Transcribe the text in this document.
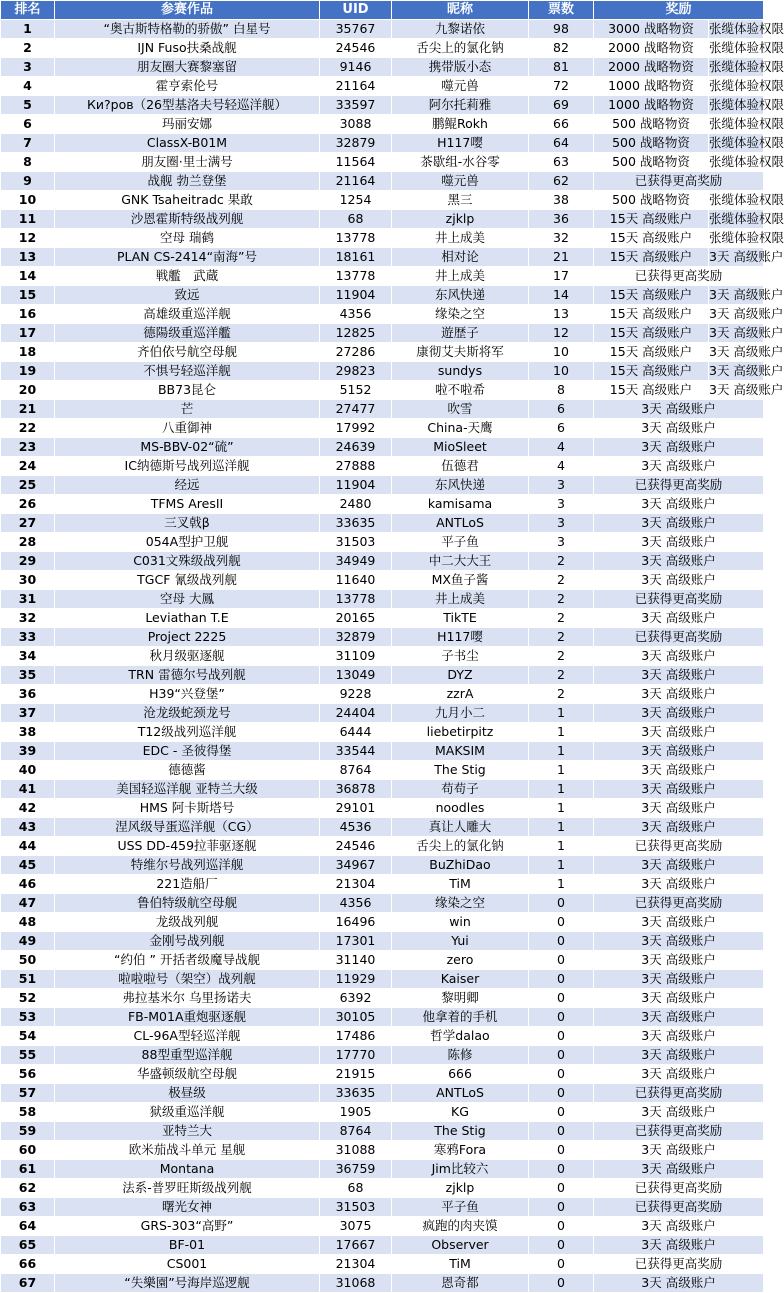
排名	参赛作品	UID	昵称	票数	奖励	
1	“奥古斯特格勒的骄傲” 白星号	35767	九黎诺依	98	3000 战略物资	张缆体验权限
2	IJN Fuso扶桑战舰	24546	舌尖上的氯化钠	82	2000 战略物资	张缆体验权限
3	朋友圈大赛黎塞留	9146	携带版小态	81	2000 战略物资	张缆体验权限
4	霍亨索伦号	21164	噬元兽	72	1000 战略物资	张缆体验权限
5	Ки?ров（26型基洛夫号轻巡洋舰）	33597	阿尔托莉雅	69	1000 战略物资	张缆体验权限
6	玛丽安娜	3088	鹏鲲Rokh	66	500 战略物资	张缆体验权限
7	ClassX-B01M	32879	H117嘤	64	500 战略物资	张缆体验权限
8	朋友圈·里士满号	11564	茶歇组-水谷零	63	500 战略物资	张缆体验权限
9	战舰 勃兰登堡	21164	噬元兽	62	已获得更高奖励	
10	GNK Tsaheitradc 果敢	1254	黑三	38	500 战略物资	张缆体验权限
11	沙恩霍斯特级战列舰	68	zjklp	36	15天 高级账户	张缆体验权限
12	空母 瑞鹤	13778	井上成美	32	15天 高级账户	张缆体验权限
13	PLAN CS-2414“南海”号	18161	相对论	21	15天 高级账户	3天 高级账户
14	戦艦　武蔵	13778	井上成美	17	已获得更高奖励	
15	致远	11904	东风快递	14	15天 高级账户	3天 高级账户
16	高雄级重巡洋舰	4356	缘染之空	13	15天 高级账户	3天 高级账户
17	德陽级重巡洋艦	12825	遊歴子	12	15天 高级账户	3天 高级账户
18	齐伯依号航空母舰	27286	康彻艾夫斯将军	10	15天 高级账户	3天 高级账户
19	不惧号轻巡洋舰	29823	sundys	10	15天 高级账户	3天 高级账户
20	BB73昆仑	5152	啦不啦希	8	15天 高级账户	3天 高级账户
21	芒	27477	吹雪	6	3天 高级账户	
22	八重御神	17992	China-天鹰	6	3天 高级账户	
23	MS-BBV-02“硫”	24639	MioSleet	4	3天 高级账户	
24	IC纳德斯号战列巡洋舰	27888	伍德君	4	3天 高级账户	
25	经远	11904	东风快递	3	已获得更高奖励	
26	TFMS AresII	2480	kamisama	3	3天 高级账户	
27	三叉戟β	33635	ANTLoS	3	3天 高级账户	
28	054A型护卫舰	31503	平子鱼	3	3天 高级账户	
29	C031文殊级战列舰	34949	中二大大王	2	3天 高级账户	
30	TGCF 氰级战列舰	11640	MX鱼子酱	2	3天 高级账户	
31	空母 大鳳	13778	井上成美	2	已获得更高奖励	
32	Leviathan T.E	20165	TikTE	2	3天 高级账户	
33	Project 2225	32879	H117嘤	2	已获得更高奖励	
34	秋月级驱逐舰	31109	子书尘	2	3天 高级账户	
35	TRN 雷德尔号战列舰	13049	DYZ	2	3天 高级账户	
36	H39“兴登堡”	9228	zzrA	2	3天 高级账户	
37	沧龙级蛇颈龙号	24404	九月小二	1	3天 高级账户	
38	T12级战列巡洋舰	6444	liebetirpitz	1	3天 高级账户	
39	EDC - 圣彼得堡	33544	MAKSIM	1	3天 高级账户	
40	德德酱	8764	The Stig	1	3天 高级账户	
41	美国轻巡洋舰 亚特兰大级	36878	苟苟子	1	3天 高级账户	
42	HMS 阿卡斯塔号	29101	noodles	1	3天 高级账户	
43	涅风级导蛋巡洋舰（CG）	4536	真让人雕大	1	3天 高级账户	
44	USS DD-459拉菲驱逐舰	24546	舌尖上的氯化钠	1	已获得更高奖励	
45	特维尔号战列巡洋舰	34967	BuZhiDao	1	3天 高级账户	
46	221造船厂	21304	TiM	1	3天 高级账户	
47	鲁伯特级航空母舰	4356	缘染之空	0	已获得更高奖励	
48	龙级战列舰	16496	win	0	3天 高级账户	
49	金刚号战列舰	17301	Yui	0	3天 高级账户	
50	“约伯 ” 开括者级魔导战舰	31140	zero	0	3天 高级账户	
51	啦啦啦号（架空）战列舰	11929	Kaiser	0	3天 高级账户	
52	弗拉基米尔 乌里扬诺夫	6392	黎明卿	0	3天 高级账户	
53	FB-M01A重炮驱逐舰	30105	他拿着的手机	0	3天 高级账户	
54	CL-96A型轻巡洋舰	17486	哲学dalao	0	3天 高级账户	
55	88型重型巡洋舰	17770	陈修	0	3天 高级账户	
56	华盛顿级航空母舰	21915	666	0	3天 高级账户	
57	极昼级	33635	ANTLoS	0	已获得更高奖励	
58	狱级重巡洋舰	1905	KG	0	3天 高级账户	
59	亚特兰大	8764	The Stig	0	已获得更高奖励	
60	欧米茄战斗单元 星舰	31088	寒鸦Fora	0	3天 高级账户	
61	Montana	36759	Jim比较六	0	3天 高级账户	
62	法系-普罗旺斯级战列舰	68	zjklp	0	已获得更高奖励	
63	曙光女神	31503	平子鱼	0	已获得更高奖励	
64	GRS-303“高野”	3075	疯跑的肉夹馍	0	3天 高级账户	
65	BF-01	17667	Observer	0	3天 高级账户	
66	CS001	21304	TiM	0	已获得更高奖励	
67	“失樂園”号海岸巡逻舰	31068	恩奇都	0	3天 高级账户	
